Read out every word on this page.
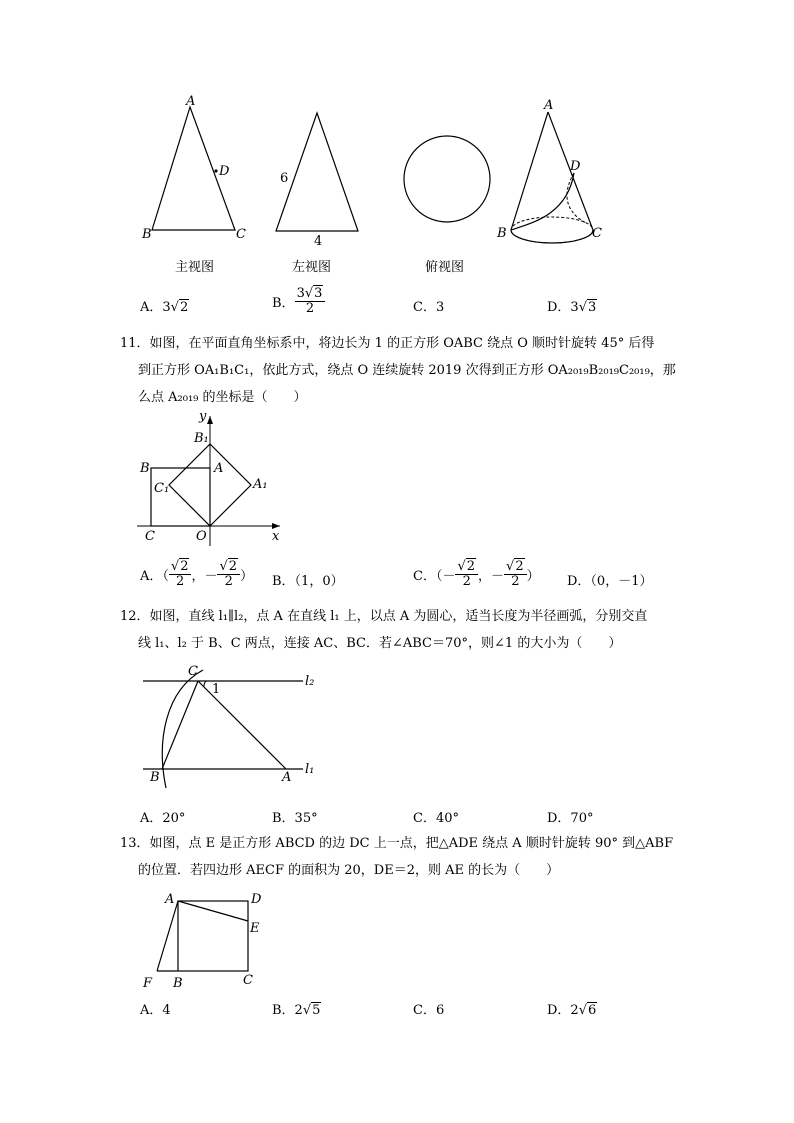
A
D
B	C
6
4
A
D
B	C
主视图	左视图	俯视图
A．3√2	B． $\frac{3√3}{2}$	C．3	D．3√3
11．如图，在平面直角坐标系中，将边长为 1 的正方形 OABC 绕点 O 顺时针旋转 45° 后得
到正方形 OA₁B₁C₁，依此方式，绕点 O 连续旋转 2019 次得到正方形 OA₂₀₁₉B₂₀₁₉C₂₀₁₉，那
么点 A₂₀₁₉ 的坐标是（　　）
y
B₁
B	A
C₁	A₁
C	O	x
A．（ $\frac{√2}{2}$ ，－ $\frac{√2}{2}$ ） B．（1，0）	C．（－ $\frac{√2}{2}$ ，－ $\frac{√2}{2}$ ） D．（0，－1）
12．如图，直线 l₁∥l₂，点 A 在直线 l₁ 上，以点 A 为圆心，适当长度为半径画弧，分别交直
线 l₁、l₂ 于 B、C 两点，连接 AC、BC．若∠ABC＝70°，则∠1 的大小为（　　）
C
1
l₂
B	A
l₁
A．20°	B．35°	C．40°	D．70°
13．如图，点 E 是正方形 ABCD 的边 DC 上一点，把△ADE 绕点 A 顺时针旋转 90° 到△ABF
的位置．若四边形 AECF 的面积为 20，DE＝2，则 AE 的长为（　　）
A	D
E
F B	C
A．4	B．2√5	C．6	D．2√6
